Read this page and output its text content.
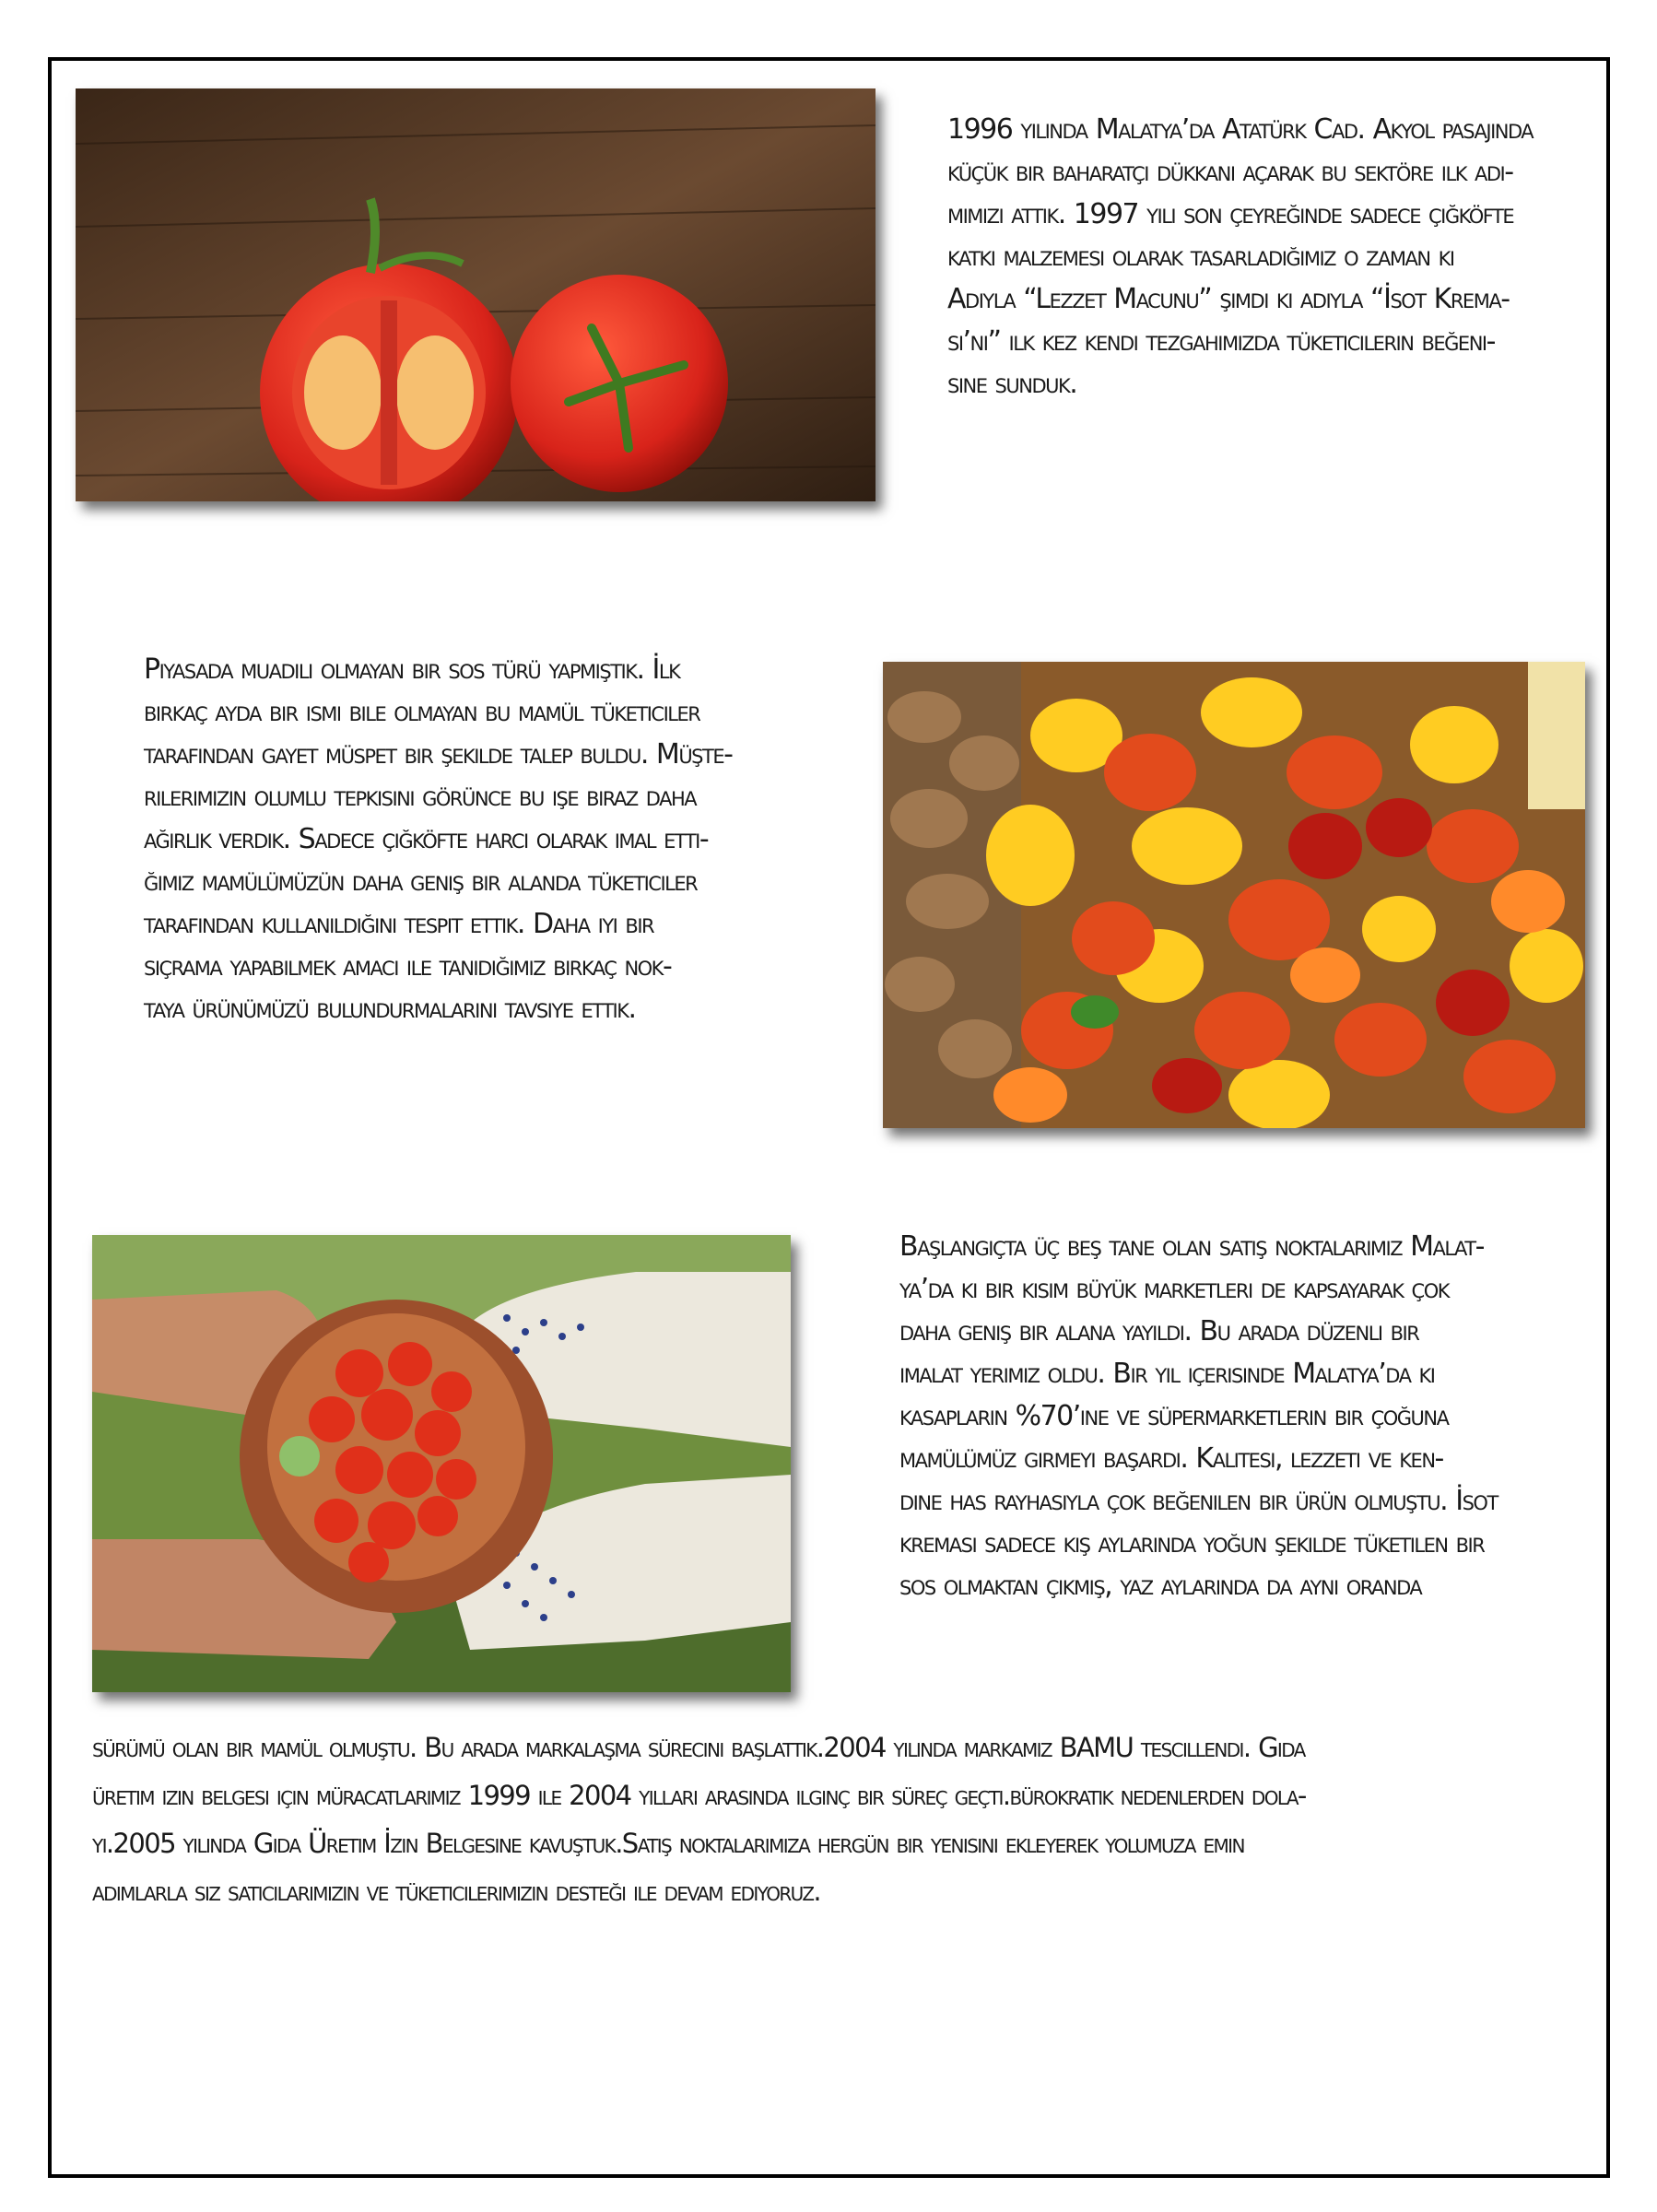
1996 yılında Malatya’da Atatürk Cad. Akyol pasajında
küçük bir baharatçı dükkanı açarak bu sektöre ilk adı-
mımızı attık. 1997 yılı son çeyreğinde sadece çiğköfte
katkı malzemesi olarak tasarladığımız o zaman ki
Adıyla “Lezzet Macunu” şimdi ki adıyla “İsot Krema-
sı’nı” ilk kez kendi tezgahımızda tüketicilerin beğeni-
sine sunduk.
Piyasada muadili olmayan bir sos türü yapmıştık. İlk
birkaç ayda bir ismi bile olmayan bu mamül tüketiciler
tarafından gayet müspet bir şekilde talep buldu. Müşte-
rilerimizin olumlu tepkisini görünce bu işe biraz daha
ağırlık verdik. Sadece çiğköfte harcı olarak imal etti-
ğimiz mamülümüzün daha geniş bir alanda tüketiciler
tarafından kullanıldığını tespit ettik. Daha iyi bir
sıçrama yapabilmek amacı ile tanıdığımız birkaç nok-
taya ürünümüzü bulundurmalarını tavsiye ettik.
Başlangıçta üç beş tane olan satış noktalarımız Malat-
ya’da ki bir kısım büyük marketleri de kapsayarak çok
daha geniş bir alana yayıldı. Bu arada düzenli bir
imalat yerimiz oldu. Bir yıl içerisinde Malatya’da ki
kasapların %70’ine ve süpermarketlerin bir çoğuna
mamülümüz girmeyi başardı. Kalitesi, lezzeti ve ken-
dine has rayhasıyla çok beğenilen bir ürün olmuştu. İsot
kreması sadece kış aylarında yoğun şekilde tüketilen bir
sos olmaktan çıkmış, yaz aylarında da aynı oranda
sürümü olan bir mamül olmuştu. Bu arada markalaşma sürecini başlattık.2004 yılında markamız BAMU tescillendi. Gıda
üretim izin belgesi için müracatlarımız 1999 ile 2004 yılları arasında ılgınç bir süreç geçti.bürokratik nedenlerden dola-
yı.2005 yılında Gıda Üretim İzin Belgesine kavuştuk.Satış noktalarımıza hergün bir yenisini ekleyerek yolumuza emin
adımlarla siz satıcılarımızın ve tüketicilerimizin desteği ile devam ediyoruz.
